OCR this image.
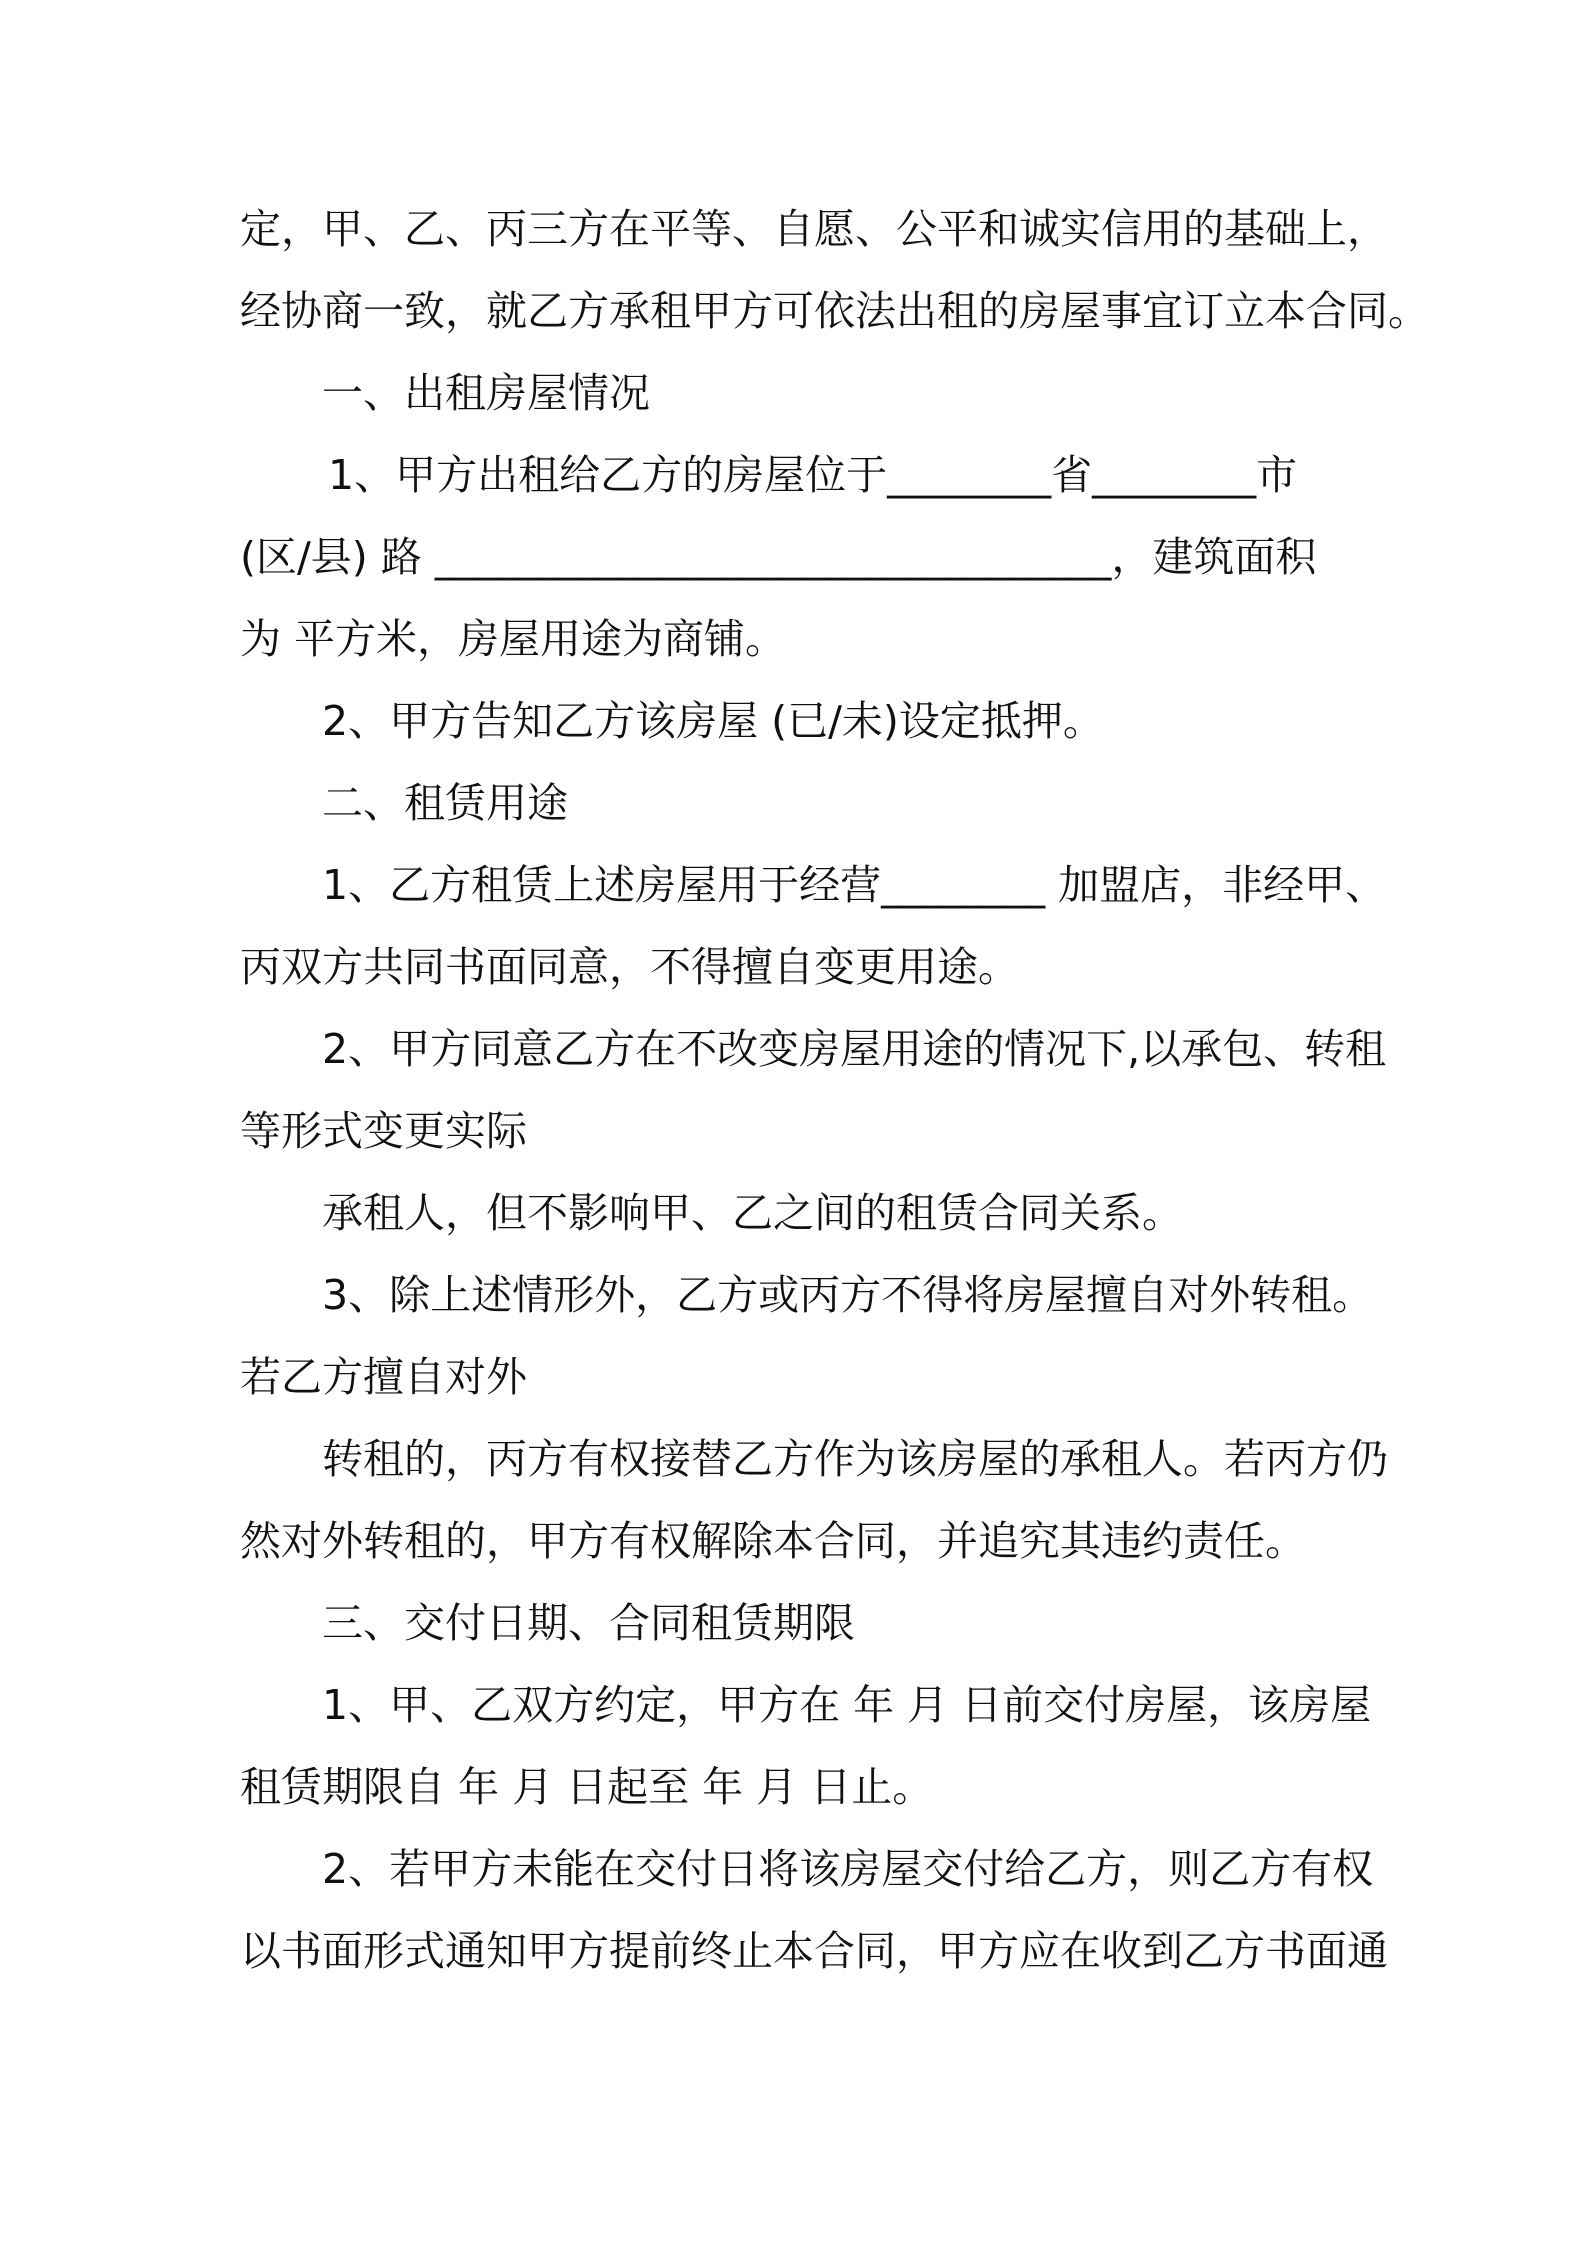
定，甲、乙、丙三方在平等、自愿、公平和诚实信用的基础上，
经协商一致，就乙方承租甲方可依法出租的房屋事宜订立本合同。
一、出租房屋情况
1、甲方出租给乙方的房屋位于________省________市
(区/县) 路 _________________________________，建筑面积
为 平方米，房屋用途为商铺。
2、甲方告知乙方该房屋 (已/未)设定抵押。
二、租赁用途
1、乙方租赁上述房屋用于经营________ 加盟店，非经甲、
丙双方共同书面同意，不得擅自变更用途。
2、甲方同意乙方在不改变房屋用途的情况下,以承包、转租
等形式变更实际
承租人，但不影响甲、乙之间的租赁合同关系。
3、除上述情形外，乙方或丙方不得将房屋擅自对外转租。
若乙方擅自对外
转租的，丙方有权接替乙方作为该房屋的承租人。若丙方仍
然对外转租的，甲方有权解除本合同，并追究其违约责任。
三、交付日期、合同租赁期限
1、甲、乙双方约定，甲方在 年 月 日前交付房屋，该房屋
租赁期限自 年 月 日起至 年 月 日止。
2、若甲方未能在交付日将该房屋交付给乙方，则乙方有权
以书面形式通知甲方提前终止本合同，甲方应在收到乙方书面通
